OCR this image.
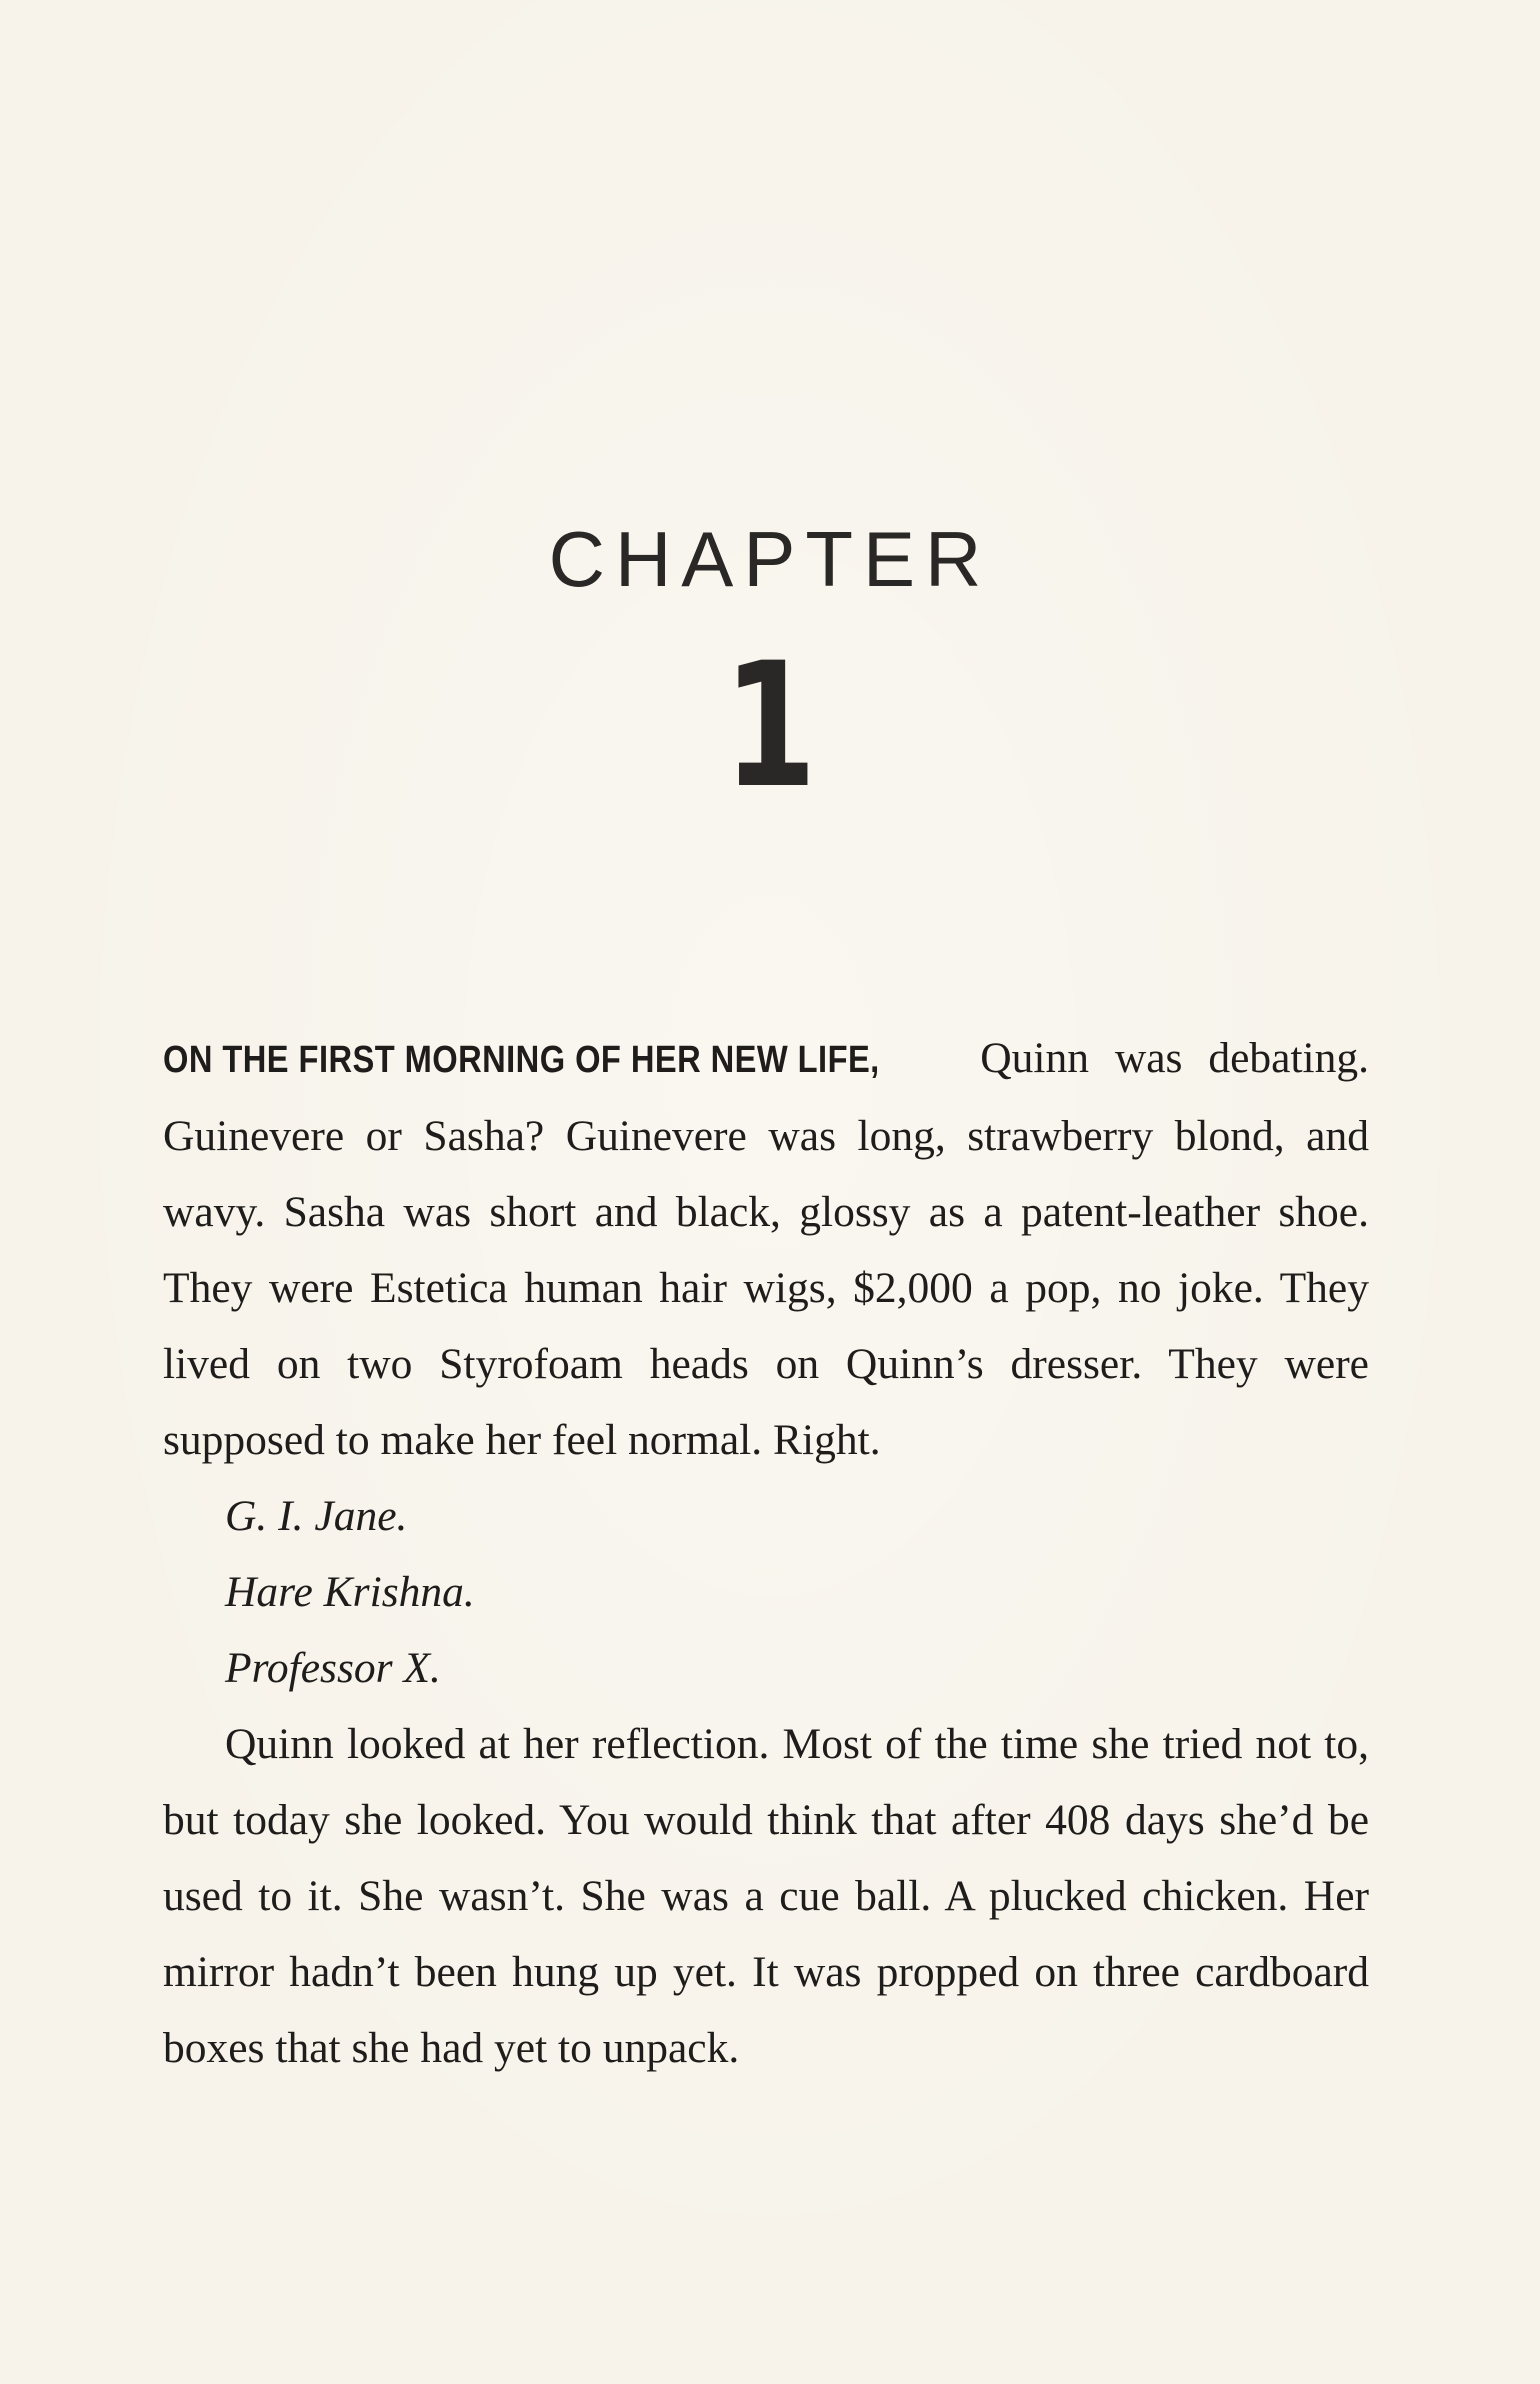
CHAPTER
1

ON THE FIRST MORNING OF HER NEW LIFE, Quinn was debating. Guinevere or Sasha? Guinevere was long, strawberry blond, and wavy. Sasha was short and black, glossy as a patent-leather shoe. They were Estetica human hair wigs, $2,000 a pop, no joke. They lived on two Styrofoam heads on Quinn’s dresser. They were supposed to make her feel normal. Right.

G. I. Jane.

Hare Krishna.

Professor X.

Quinn looked at her reflection. Most of the time she tried not to, but today she looked. You would think that after 408 days she’d be used to it. She wasn’t. She was a cue ball. A plucked chicken. Her mirror hadn’t been hung up yet. It was propped on three cardboard boxes that she had yet to unpack.
